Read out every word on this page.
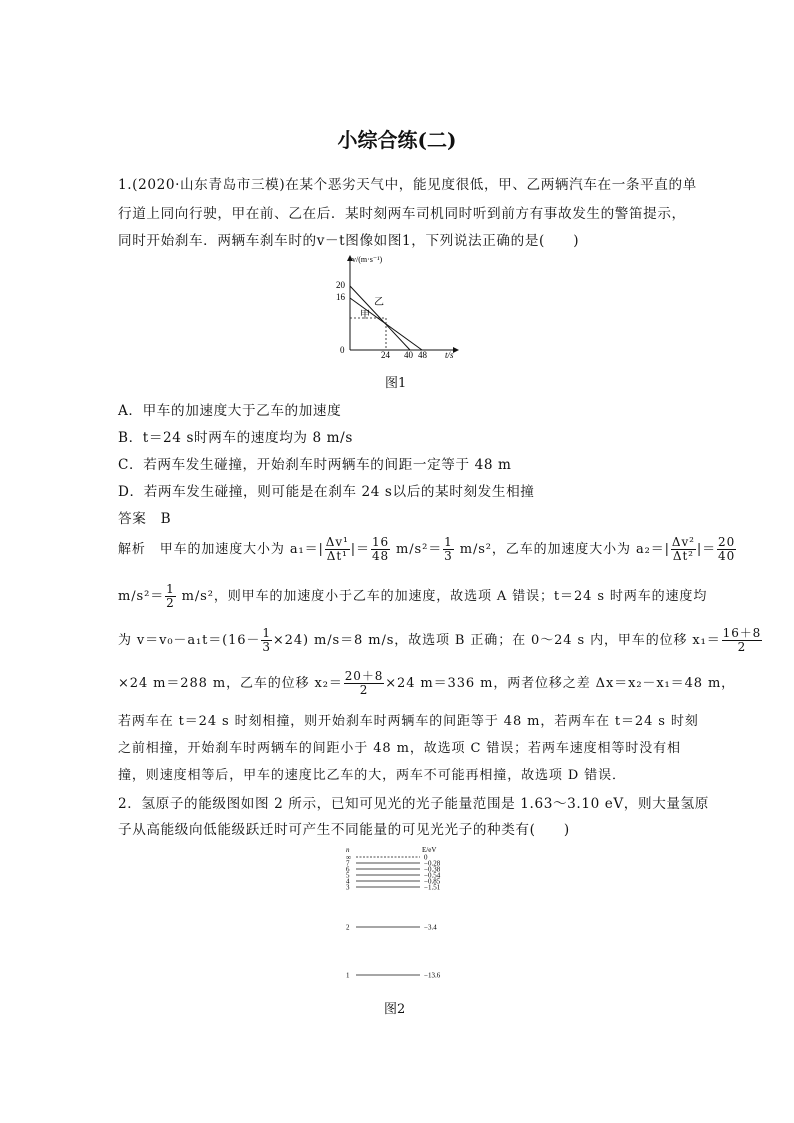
小综合练(二)
1.(2020·山东青岛市三模)在某个恶劣天气中，能见度很低，甲、乙两辆汽车在一条平直的单
行道上同向行驶，甲在前、乙在后．某时刻两车司机同时听到前方有事故发生的警笛提示，
同时开始刹车．两辆车刹车时的v－t图像如图1，下列说法正确的是(　　)
v/(m·s⁻¹)
20
16
0	24 40 48 t/s
乙
甲
图1
A．甲车的加速度大于乙车的加速度
B．t＝24 s时两车的速度均为 8 m/s
C．若两车发生碰撞，开始刹车时两辆车的间距一定等于 48 m
D．若两车发生碰撞，则可能是在刹车 24 s以后的某时刻发生相撞
答案　B
解析　甲车的加速度大小为 $a_1=| \frac{\text{Δv¹}}{\text{Δt¹}}$ |＝ $\frac{16}{48} m/s^2= \frac{1}{3} m/s^2$，乙车的加速度大小为 $a_2=| \frac{\text{Δv²}}{\text{Δt²}}$ |＝ $\frac{20}{40}$
$m/s^2= \frac{1}{2} m/s^2$，则甲车的加速度小于乙车的加速度，故选项 A 错误；t＝24 s 时两车的速度均
为 $v=v_0-a_1t=(16- \frac{1}{3} \times 24)$ m/s＝8 m/s，故选项 B 正确；在 0～24 s 内，甲车的位移 $x_1= \frac{16+8}{2}$
×24 m＝288 m，乙车的位移 $x_2= \frac{20+8}{2} \times 24$ m＝336 m，两者位移之差 Δx＝x₂－x₁＝48 m，
若两车在 t＝24 s 时刻相撞，则开始刹车时两辆车的间距等于 48 m，若两车在 t＝24 s 时刻
之前相撞，开始刹车时两辆车的间距小于 48 m，故选项 C 错误；若两车速度相等时没有相
撞，则速度相等后，甲车的速度比乙车的大，两车不可能再相撞，故选项 D 错误．
2．氢原子的能级图如图 2 所示，已知可见光的光子能量范围是 1.63～3.10 eV，则大量氢原
子从高能级向低能级跃迁时可产生不同能量的可见光光子的种类有(　　)
n	E/eV
∞	0
7	−0.28
6	−0.38
5	−0.54
4	−0.85
3	−1.51
2	−3.4
1	−13.6
图2
